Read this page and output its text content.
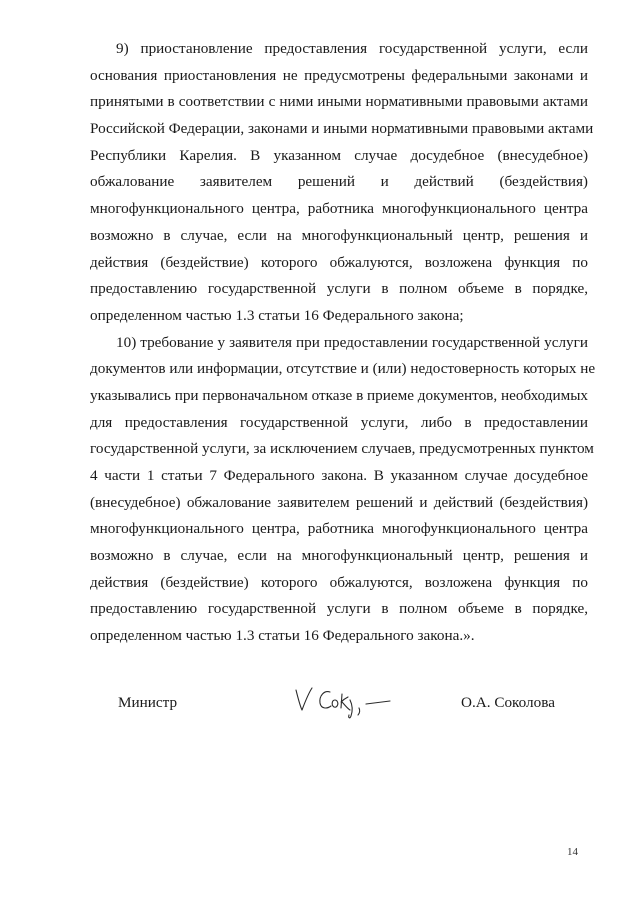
9) приостановление предоставления государственной услуги, если
основания приостановления не предусмотрены федеральными законами и
принятыми в соответствии с ними иными нормативными правовыми актами
Российской Федерации, законами и иными нормативными правовыми актами
Республики Карелия. В указанном случае досудебное (внесудебное)
обжалование заявителем решений и действий (бездействия)
многофункционального центра, работника многофункционального центра
возможно в случае, если на многофункциональный центр, решения и
действия (бездействие) которого обжалуются, возложена функция по
предоставлению государственной услуги в полном объеме в порядке,
определенном частью 1.3 статьи 16 Федерального закона;
10) требование у заявителя при предоставлении государственной услуги
документов или информации, отсутствие и (или) недостоверность которых не
указывались при первоначальном отказе в приеме документов, необходимых
для предоставления государственной услуги, либо в предоставлении
государственной услуги, за исключением случаев, предусмотренных пунктом
4 части 1 статьи 7 Федерального закона. В указанном случае досудебное
(внесудебное) обжалование заявителем решений и действий (бездействия)
многофункционального центра, работника многофункционального центра
возможно в случае, если на многофункциональный центр, решения и
действия (бездействие) которого обжалуются, возложена функция по
предоставлению государственной услуги в полном объеме в порядке,
определенном частью 1.3 статьи 16 Федерального закона.».
Министр	О.А. Соколова
14
